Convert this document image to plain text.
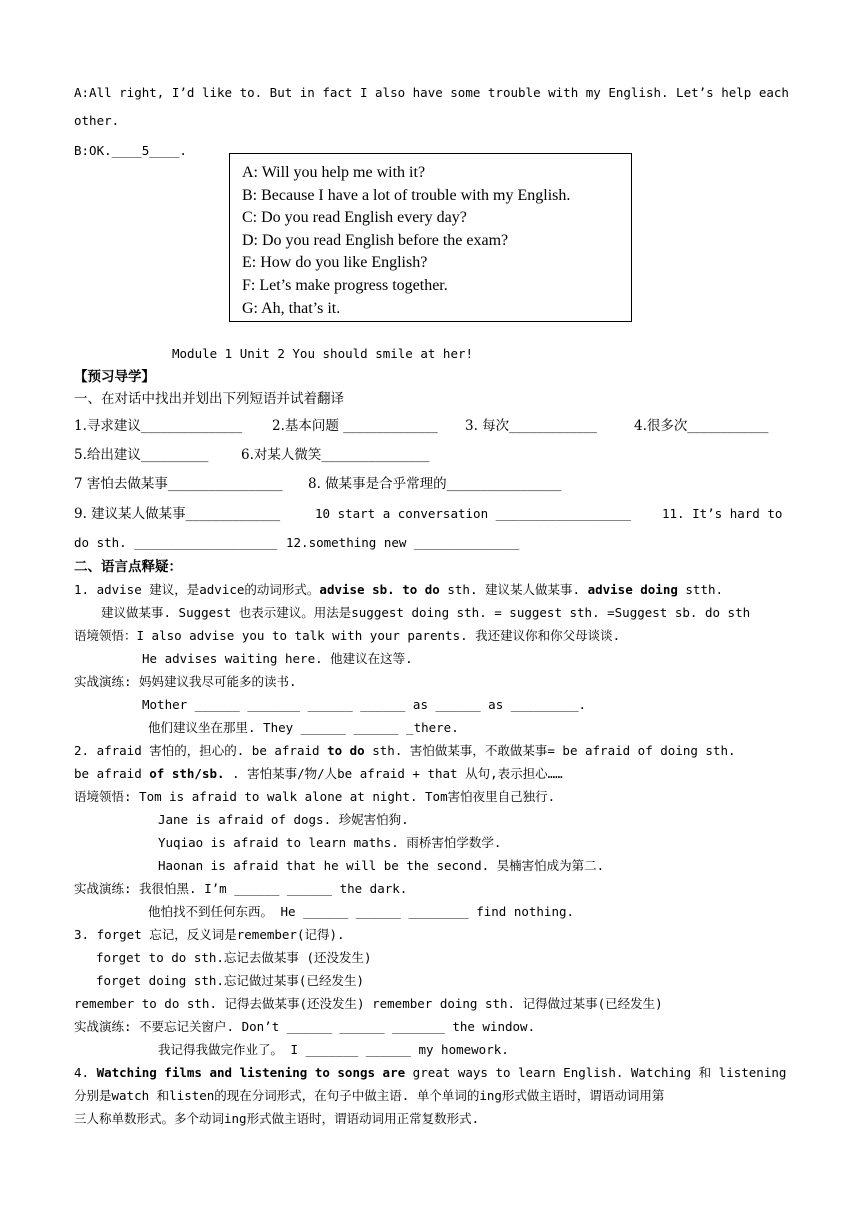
A:All right, I’d like to. But in fact I also have some trouble with my English. Let’s help each
other.
B:OK.____5____.
A: Will you help me with it?
B: Because I have a lot of trouble with my English.
C: Do you read English every day?
D: Do you read English before the exam?
E: How do you like English?
F: Let’s make progress together.
G: Ah, that’s it.
Module 1 Unit 2 You should smile at her!
【预习导学】
一、在对话中找出并划出下列短语并试着翻译
1.寻求建议_______________ 2.基本问题 ______________ 3. 每次_____________	4.很多次____________
5.给出建议__________ 6.对某人微笑________________
7 害怕去做某事_________________ 8. 做某事是合乎常理的_________________
9. 建议某人做某事______________	10 start a conversation __________________ 11. It’s hard to
do sth. ___________________ 12.something new ______________
二、语言点释疑：
1. advise 建议，是advice的动词形式。advise sb. to do sth. 建议某人做某事. advise doing stth.
建议做某事. Suggest 也表示建议。用法是suggest doing sth. = suggest sth. =Suggest sb. do sth
语境领悟：I also advise you to talk with your parents. 我还建议你和你父母谈谈.
He advises waiting here. 他建议在这等.
实战演练: 妈妈建议我尽可能多的读书.
Mother ______ _______ ______ ______ as ______ as _________.
他们建议坐在那里. They ______ ______ _there.
2. afraid 害怕的，担心的. be afraid to do sth. 害怕做某事，不敢做某事= be afraid of doing sth.
be afraid of sth/sb. . 害怕某事/物/人be afraid + that 从句,表示担心……
语境领悟: Tom is afraid to walk alone at night. Tom害怕夜里自己独行.
Jane is afraid of dogs. 珍妮害怕狗.
Yuqiao is afraid to learn maths. 雨桥害怕学数学.
Haonan is afraid that he will be the second. 昊楠害怕成为第二.
实战演练: 我很怕黑. I’m ______ ______ the dark.
他怕找不到任何东西。 He ______ ______ ________ find nothing.
3. forget 忘记，反义词是remember(记得).
forget to do sth.忘记去做某事 (还没发生)
forget doing sth.忘记做过某事(已经发生)
remember to do sth. 记得去做某事(还没发生) remember doing sth. 记得做过某事(已经发生)
实战演练: 不要忘记关窗户. Don’t ______ ______ _______ the window.
我记得我做完作业了。 I _______ ______ my homework.
4. Watching films and listening to songs are great ways to learn English. Watching 和 listening
分别是watch 和listen的现在分词形式，在句子中做主语. 单个单词的ing形式做主语时，谓语动词用第
三人称单数形式。多个动词ing形式做主语时，谓语动词用正常复数形式.
